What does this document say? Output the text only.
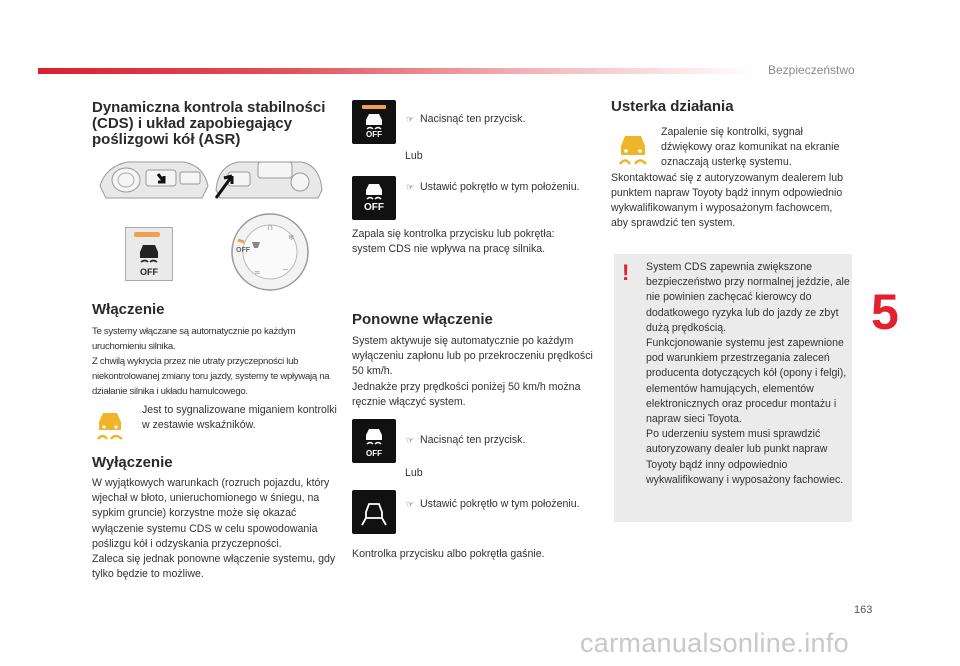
Bezpieczeństwo
5
163
carmanualsonline.info
Dynamiczna kontrola stabilności (CDS) i układ zapobiegający poślizgowi kół (ASR)
OFF
∩
❄
~
≈
OFF
Włączenie

Te systemy włączane są automatycznie po każdym uruchomieniu silnika.
Z chwilą wykrycia przez nie utraty przyczepności lub niekontrolowanej zmiany toru jazdy, systemy te wpływają na działanie silnika i układu hamulcowego.

Jest to sygnalizowane miganiem kontrolki w zestawie wskaźników.

Wyłączenie

W wyjątkowych warunkach (rozruch pojazdu, który wjechał w błoto, unieruchomionego w śniegu, na sypkim gruncie) korzystne może się okazać wyłączenie systemu CDS w celu spowodowania poślizgu kół i odzyskania przyczepności.
Zaleca się jednak ponowne włączenie systemu, gdy tylko będzie to możliwe.

OFF
☞ Nacisnąć ten przycisk.
Lub
OFF
☞ Ustawić pokrętło w tym położeniu.

Zapala się kontrolka przycisku lub pokrętła: system CDS nie wpływa na pracę silnika.

Ponowne włączenie

System aktywuje się automatycznie po każdym wyłączeniu zapłonu lub po przekroczeniu prędkości 50 km/h.
Jednakże przy prędkości poniżej 50 km/h można ręcznie włączyć system.

OFF
☞ Nacisnąć ten przycisk.
Lub
☞ Ustawić pokrętło w tym położeniu.

Kontrolka przycisku albo pokrętła gaśnie.

Usterka działania

Zapalenie się kontrolki, sygnał dźwiękowy oraz komunikat na ekranie oznaczają usterkę systemu.

Skontaktować się z autoryzowanym dealerem lub punktem napraw Toyoty bądź innym odpowiednio wykwalifikowanym i wyposażonym fachowcem, aby sprawdzić ten system.

! System CDS zapewnia zwiększone bezpieczeństwo przy normalnej jeździe, ale nie powinien zachęcać kierowcy do dodatkowego ryzyka lub do jazdy ze zbyt dużą prędkością.
Funkcjonowanie systemu jest zapewnione pod warunkiem przestrzegania zaleceń producenta dotyczących kół (opony i felgi), elementów hamujących, elementów elektronicznych oraz procedur montażu i napraw sieci Toyota.
Po uderzeniu system musi sprawdzić autoryzowany dealer lub punkt napraw Toyoty bądź inny odpowiednio wykwalifikowany i wyposażony fachowiec.
